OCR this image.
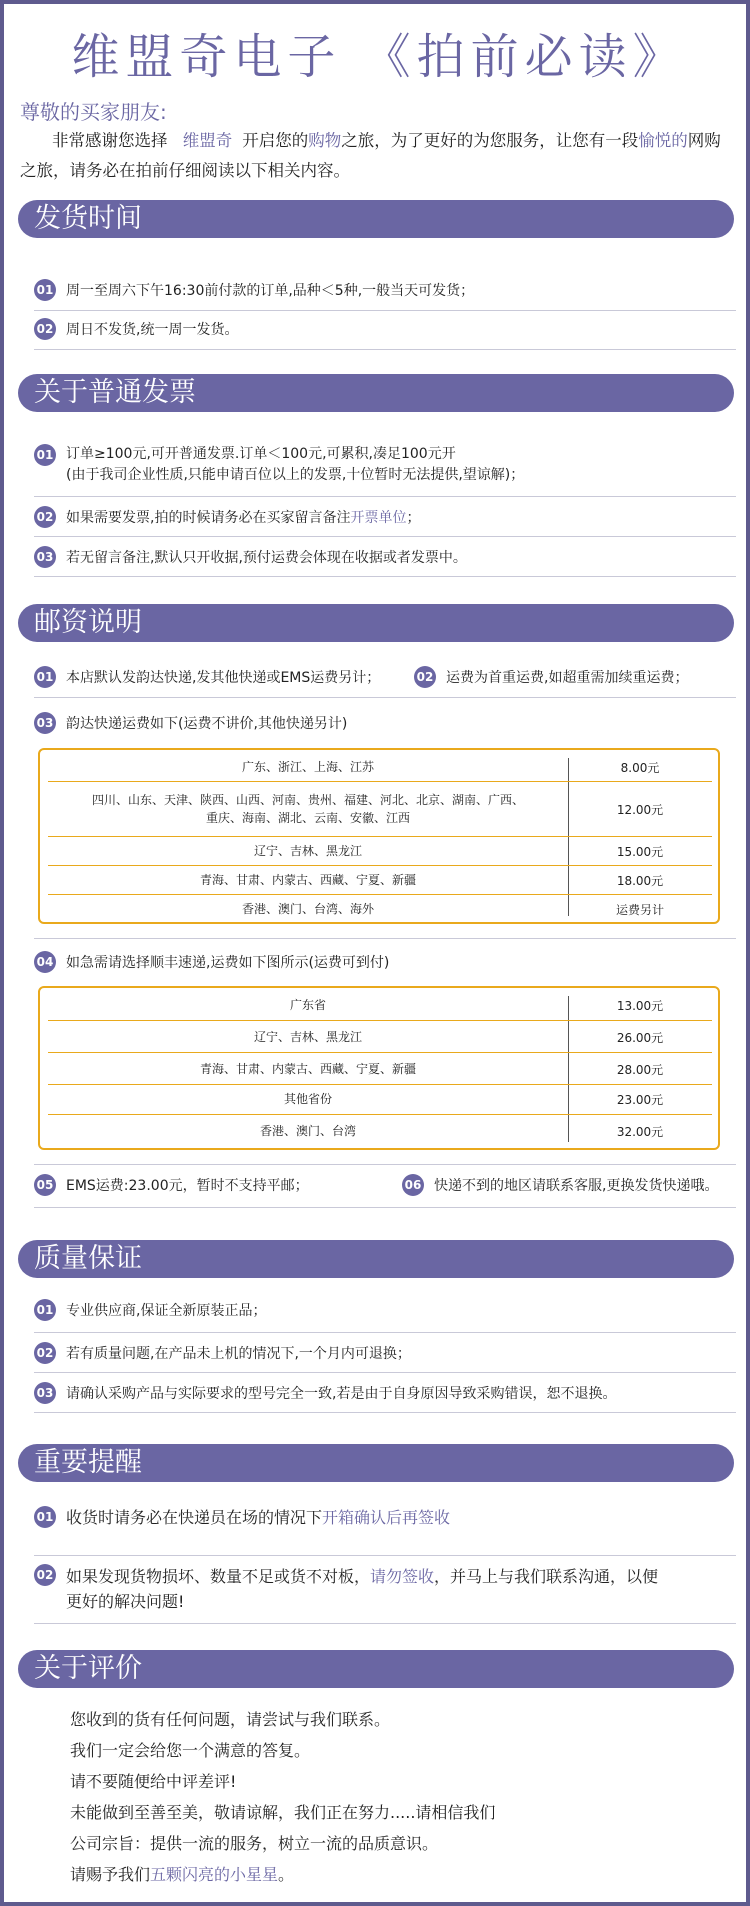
维盟奇电子 《拍前必读》
尊敬的买家朋友:
非常感谢您选择 维盟奇 开启您的购物之旅，为了更好的为您服务，让您有一段愉悦的网购之旅，请务必在拍前仔细阅读以下相关内容。
发货时间
01 周一至周六下午16:30前付款的订单,品种＜5种,一般当天可发货；
02 周日不发货,统一周一发货。
关于普通发票
01 订单≥100元,可开普通发票.订单＜100元,可累积,凑足100元开
(由于我司企业性质,只能申请百位以上的发票,十位暂时无法提供,望谅解)；
02 如果需要发票,拍的时候请务必在买家留言备注 开票单位 ；
03 若无留言备注,默认只开收据,预付运费会体现在收据或者发票中。
邮资说明
01 本店默认发韵达快递,发其他快递或EMS运费另计；	02 运费为首重运费,如超重需加续重运费；
03 韵达快递运费如下(运费不讲价,其他快递另计)
广东、浙江、上海、江苏	8.00元
四川、山东、天津、陕西、山西、河南、贵州、福建、河北、北京、湖南、广西、重庆、海南、湖北、云南、安徽、江西
12.00元
辽宁、吉林、黑龙江	15.00元
青海、甘肃、内蒙古、西藏、宁夏、新疆	18.00元
香港、澳门、台湾、海外	运费另计
04 如急需请选择顺丰速递,运费如下图所示(运费可到付)
广东省	13.00元
辽宁、吉林、黑龙江	26.00元
青海、甘肃、内蒙古、西藏、宁夏、新疆	28.00元
其他省份	23.00元
香港、澳门、台湾	32.00元
05 EMS运费:23.00元，暂时不支持平邮；	06 快递不到的地区请联系客服,更换发货快递哦。
质量保证
01 专业供应商,保证全新原装正品；
02 若有质量问题,在产品未上机的情况下,一个月内可退换；
03 请确认采购产品与实际要求的型号完全一致,若是由于自身原因导致采购错误，恕不退换。
重要提醒
01 收货时请务必在快递员在场的情况下 开箱确认后再签收
02 如果发现货物损坏、数量不足或货不对板，请勿签收，并马上与我们联系沟通，以便
更好的解决问题!
关于评价
您收到的货有任何问题，请尝试与我们联系。
我们一定会给您一个满意的答复。
请不要随便给中评差评!
未能做到至善至美，敬请谅解，我们正在努力.....请相信我们
公司宗旨：提供一流的服务，树立一流的品质意识。
请赐予我们五颗闪亮的小星星。
